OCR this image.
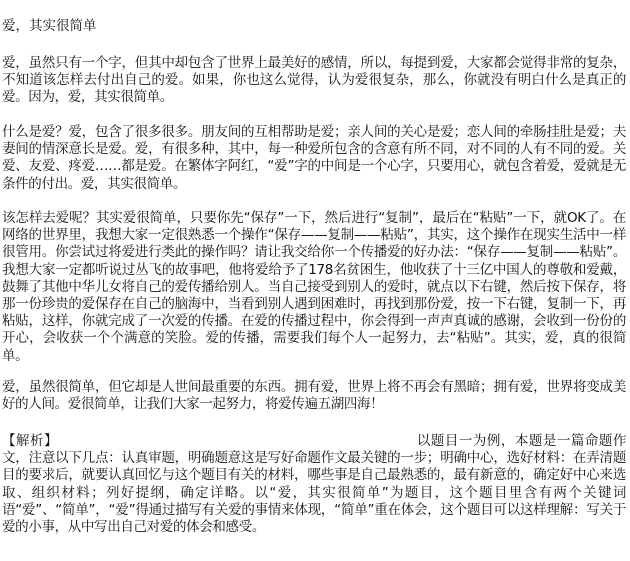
爱，其实很简单
爱，虽然只有一个字，但其中却包含了世界上最美好的感情，所以，每提到爱，大家都会觉得非常的复杂，不知道该怎样去付出自己的爱。如果，你也这么觉得，认为爱很复杂，那么，你就没有明白什么是真正的爱。因为，爱，其实很简单。
什么是爱？爱，包含了很多很多。朋友间的互相帮助是爱；亲人间的关心是爱；恋人间的牵肠挂肚是爱；夫妻间的情深意长是爱。爱，有很多种，其中，每一种爱所包含的含意有所不同，对不同的人有不同的爱。关爱、友爱、疼爱……都是爱。在繁体字阿红，“爱”字的中间是一个心字，只要用心，就包含着爱，爱就是无条件的付出。爱，其实很简单。
该怎样去爱呢？其实爱很简单，只要你先“保存”一下，然后进行“复制”，最后在“粘贴”一下，就OK了。在网络的世界里，我想大家一定很熟悉一个操作“保存——复制——粘贴”，其实，这个操作在现实生活中一样很管用。你尝试过将爱进行类此的操作吗？请让我交给你一个传播爱的好办法：“保存——复制——粘贴”。我想大家一定都听说过丛飞的故事吧，他将爱给予了178名贫困生，他收获了十三亿中国人的尊敬和爱戴，鼓舞了其他中华儿女将自己的爱传播给别人。当自己接受到别人的爱时，就点以下右键，然后按下保存，将那一份珍贵的爱保存在自己的脑海中，当看到别人遇到困难时，再找到那份爱，按一下右键，复制一下，再粘贴，这样，你就完成了一次爱的传播。在爱的传播过程中，你会得到一声声真诚的感谢，会收到一份份的开心，会收获一个个满意的笑脸。爱的传播，需要我们每个人一起努力，去“粘贴”。其实，爱，真的很简单。
爱，虽然很简单，但它却是人世间最重要的东西。拥有爱，世界上将不再会有黑暗；拥有爱，世界将变成美好的人间。爱很简单，让我们大家一起努力，将爱传遍五湖四海！
【解析】	以题目一为例，本题是一篇命题作文，注意以下几点：认真审题，明确题意这是写好命题作文最关键的一步；明确中心，选好材料：在弄清题目的要求后，就要认真回忆与这个题目有关的材料，哪些事是自己最熟悉的，最有新意的，确定好中心来选取、组织材料；列好提纲，确定详略。以“爱，其实很简单”为题目，这个题目里含有两个关键词语“爱”、“简单”，“爱”得通过描写有关爱的事情来体现，“简单”重在体会，这个题目可以这样理解：写关于爱的小事，从中写出自己对爱的体会和感受。
